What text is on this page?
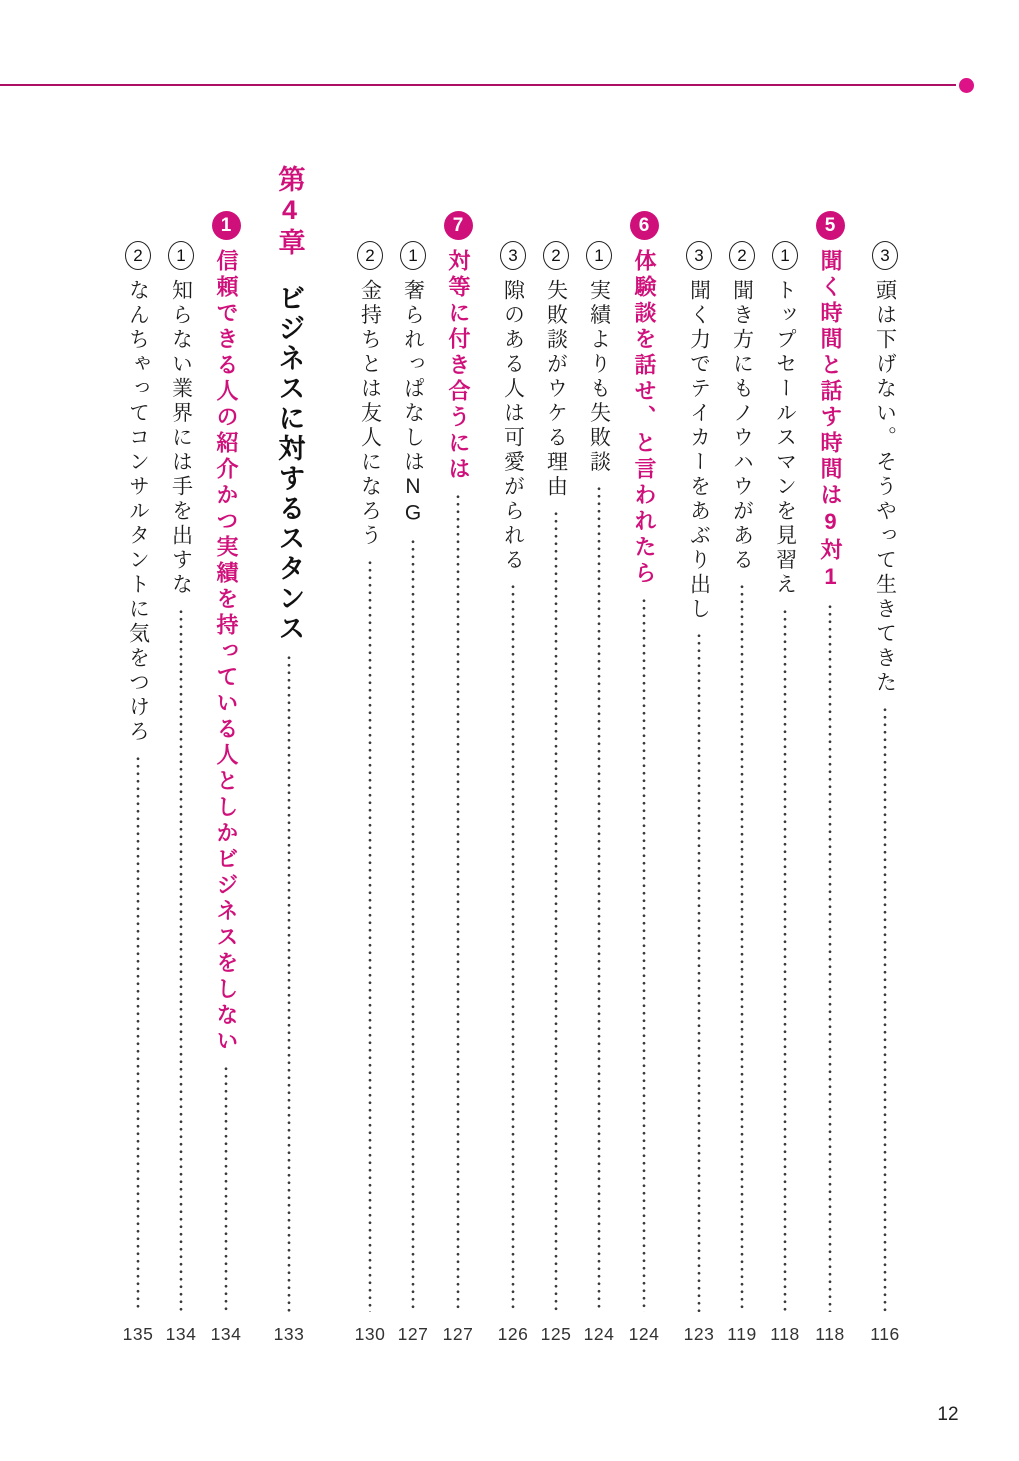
3
頭は下げない。そうやって生きてきた
116
5
聞く時間と話す時間は9対1
118
1
トップセールスマンを見習え
118
2
聞き方にもノウハウがある
119
3
聞く力でテイカーをあぶり出し
123
6
体験談を話せ、と言われたら
124
1
実績よりも失敗談
124
2
失敗談がウケる理由
125
3
隙のある人は可愛がられる
126
7
対等に付き合うには
127
1
奢られっぱなしはNG
127
2
金持ちとは友人になろう
130
第4章
ビジネスに対するスタンス
133
1
信頼できる人の紹介かつ実績を持っている人としかビジネスをしない
134
1
知らない業界には手を出すな
134
2
なんちゃってコンサルタントに気をつけろ
135
12
